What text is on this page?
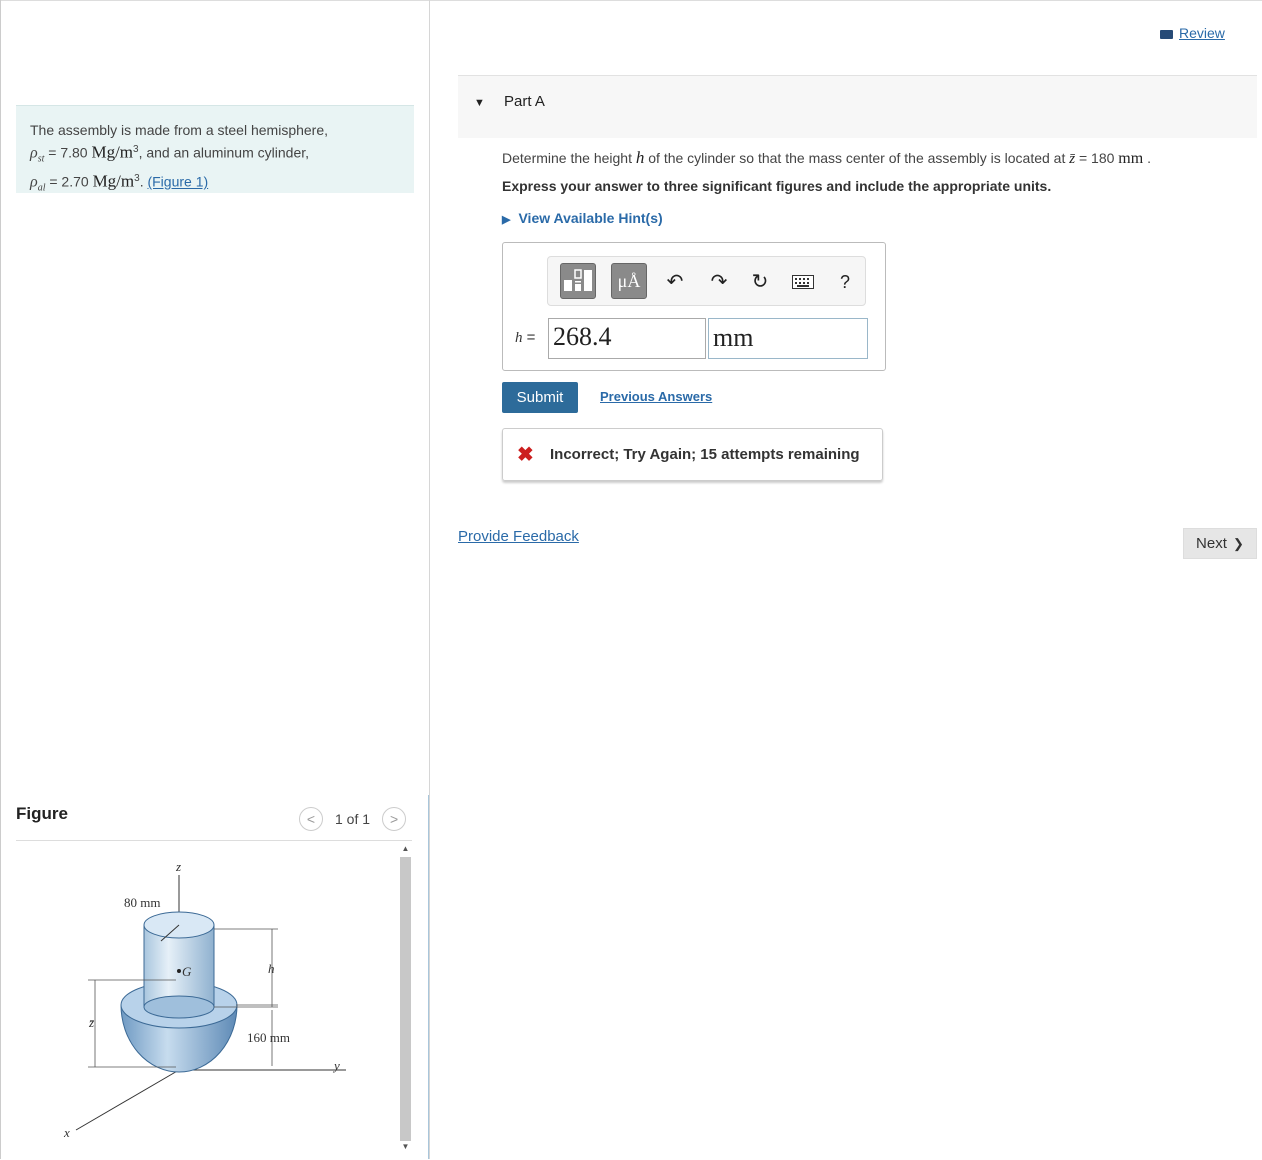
The assembly is made from a steel hemisphere,
$\rho_{st} = 7.80$ $Mg/m^3$, and an aluminum cylinder,
$\rho_{al} = 2.70$ $Mg/m^3$. (Figure 1)
Figure	<	1 of 1	>
z
y
x
G
80 mm
h
160 mm
z̄
▲
▼
Review
▼ Part A
Determine the height h of the cylinder so that the mass center of the assembly is located at z̄ = 180 mm .
Express your answer to three significant figures and include the appropriate units.
▶ View Available Hint(s)
μÅ	↶ ↷ ↻	?
h = 268.4	mm
Submit	Previous Answers
✖ Incorrect; Try Again; 15 attempts remaining
Provide Feedback	Next ❯
